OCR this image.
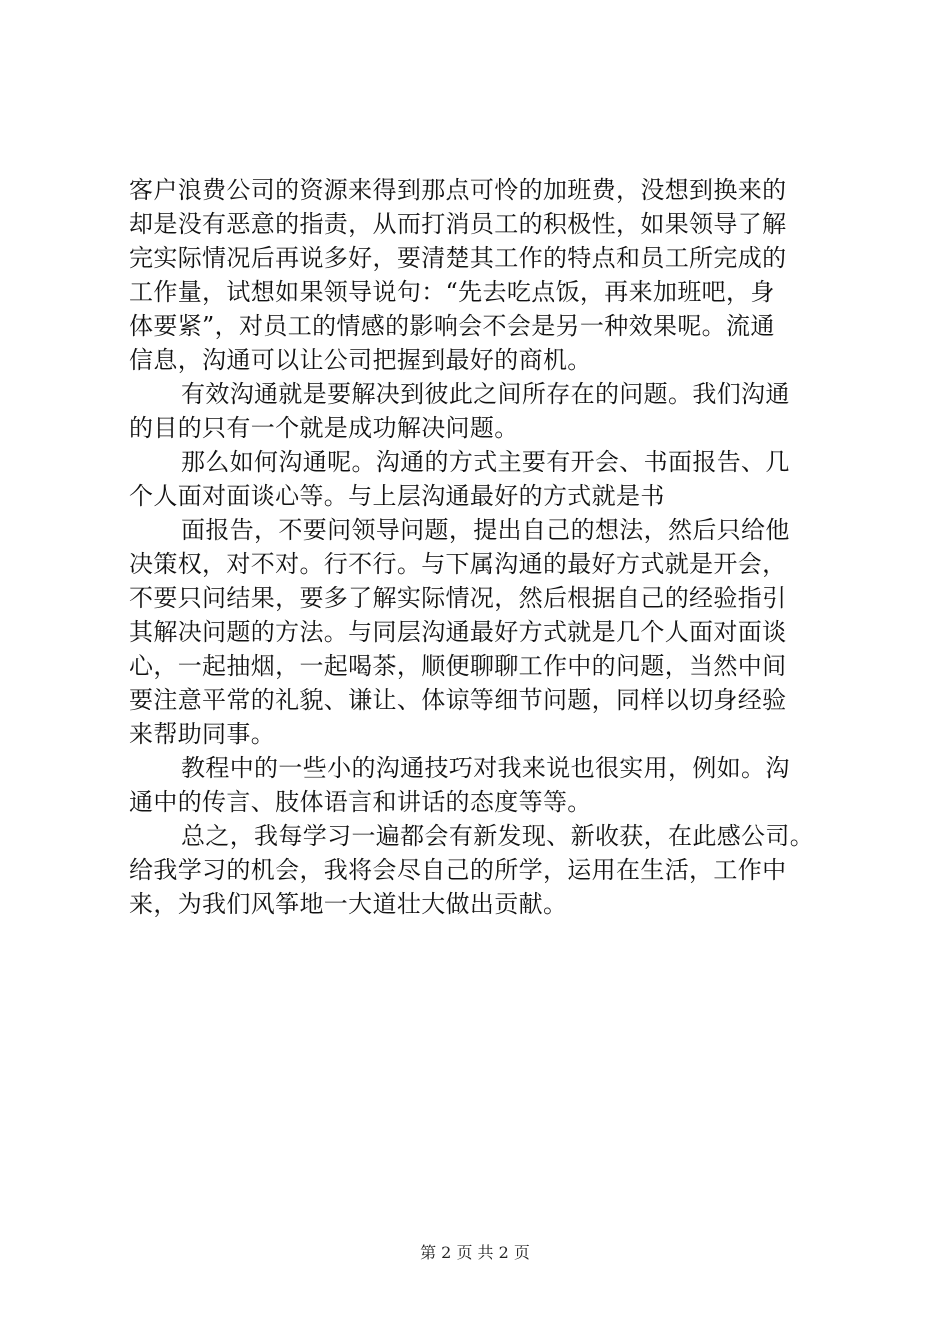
客户浪费公司的资源来得到那点可怜的加班费，没想到换来的
却是没有恶意的指责，从而打消员工的积极性，如果领导了解
完实际情况后再说多好，要清楚其工作的特点和员工所完成的
工作量，试想如果领导说句：“先去吃点饭，再来加班吧，身
体要紧”，对员工的情感的影响会不会是另一种效果呢。流通
信息，沟通可以让公司把握到最好的商机。
有效沟通就是要解决到彼此之间所存在的问题。我们沟通
的目的只有一个就是成功解决问题。
那么如何沟通呢。沟通的方式主要有开会、书面报告、几
个人面对面谈心等。与上层沟通最好的方式就是书
面报告，不要问领导问题，提出自己的想法，然后只给他
决策权，对不对。行不行。与下属沟通的最好方式就是开会，
不要只问结果，要多了解实际情况，然后根据自己的经验指引
其解决问题的方法。与同层沟通最好方式就是几个人面对面谈
心，一起抽烟，一起喝茶，顺便聊聊工作中的问题，当然中间
要注意平常的礼貌、谦让、体谅等细节问题，同样以切身经验
来帮助同事。
教程中的一些小的沟通技巧对我来说也很实用，例如。沟
通中的传言、肢体语言和讲话的态度等等。
总之，我每学习一遍都会有新发现、新收获，在此感公司。
给我学习的机会，我将会尽自己的所学，运用在生活，工作中
来，为我们风筝地一大道壮大做出贡献。
第 2 页 共 2 页
